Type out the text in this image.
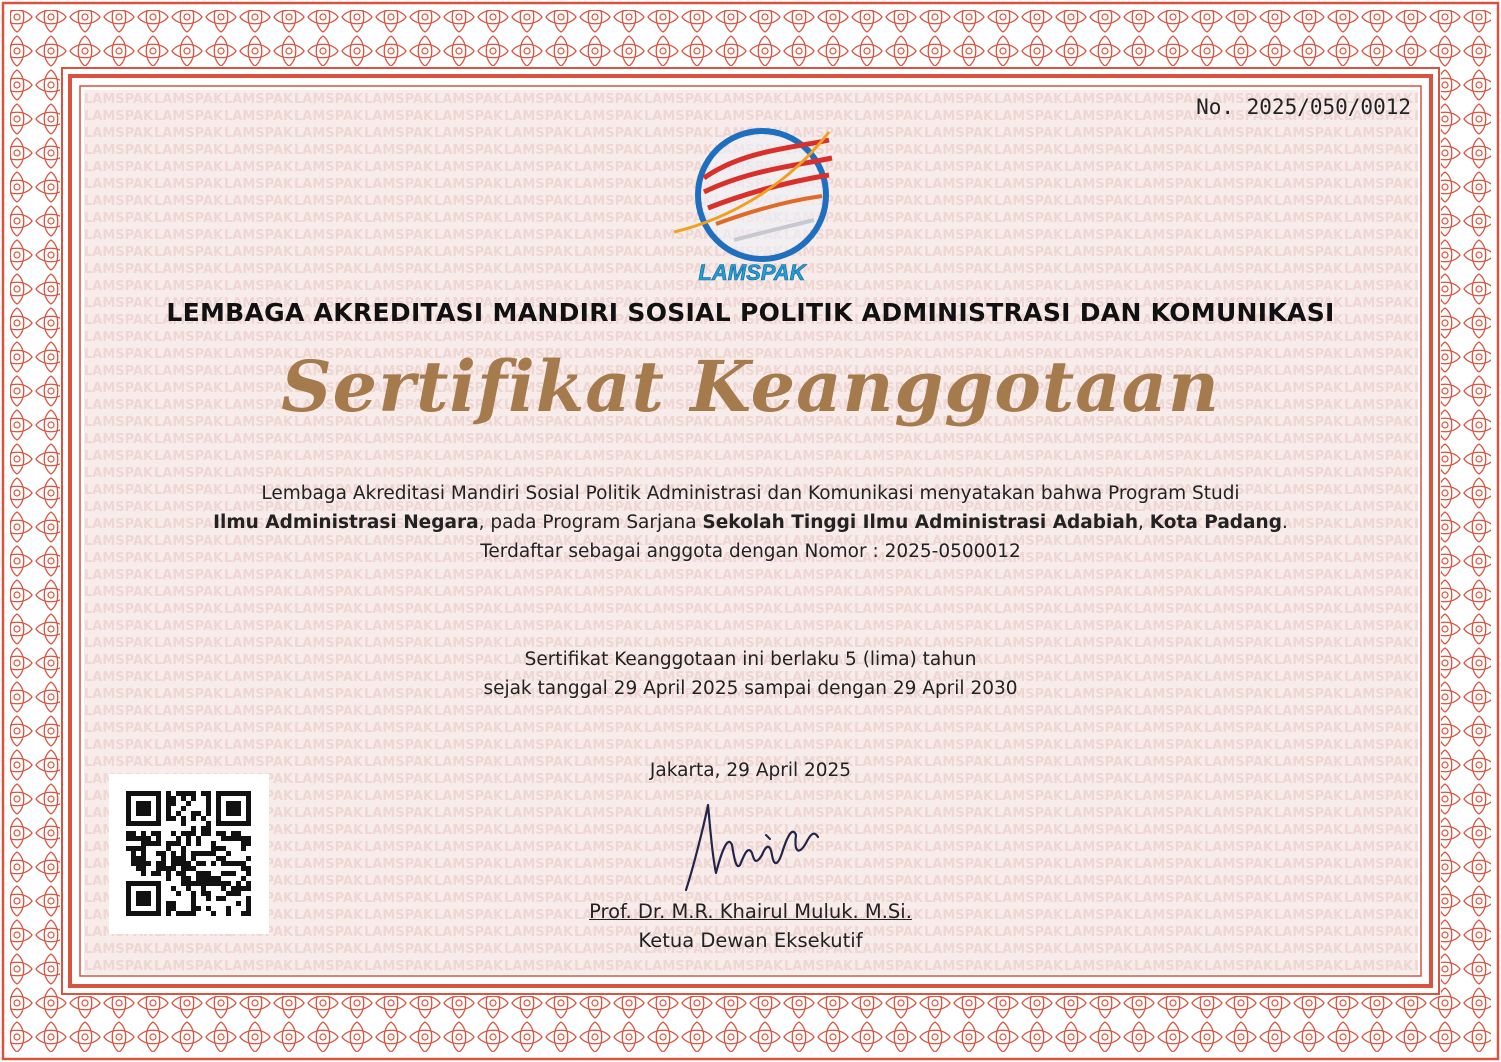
No. 2025/050/0012
LAMSPAK
LEMBAGA AKREDITASI MANDIRI SOSIAL POLITIK ADMINISTRASI DAN KOMUNIKASI
Sertifikat Keanggotaan
Lembaga Akreditasi Mandiri Sosial Politik Administrasi dan Komunikasi menyatakan bahwa Program Studi
Ilmu Administrasi Negara, pada Program Sarjana Sekolah Tinggi Ilmu Administrasi Adabiah, Kota Padang.
Terdaftar sebagai anggota dengan Nomor : 2025-0500012
Sertifikat Keanggotaan ini berlaku 5 (lima) tahun
sejak tanggal 29 April 2025 sampai dengan 29 April 2030
Jakarta, 29 April 2025
Prof. Dr. M.R. Khairul Muluk. M.Si.
Ketua Dewan Eksekutif
